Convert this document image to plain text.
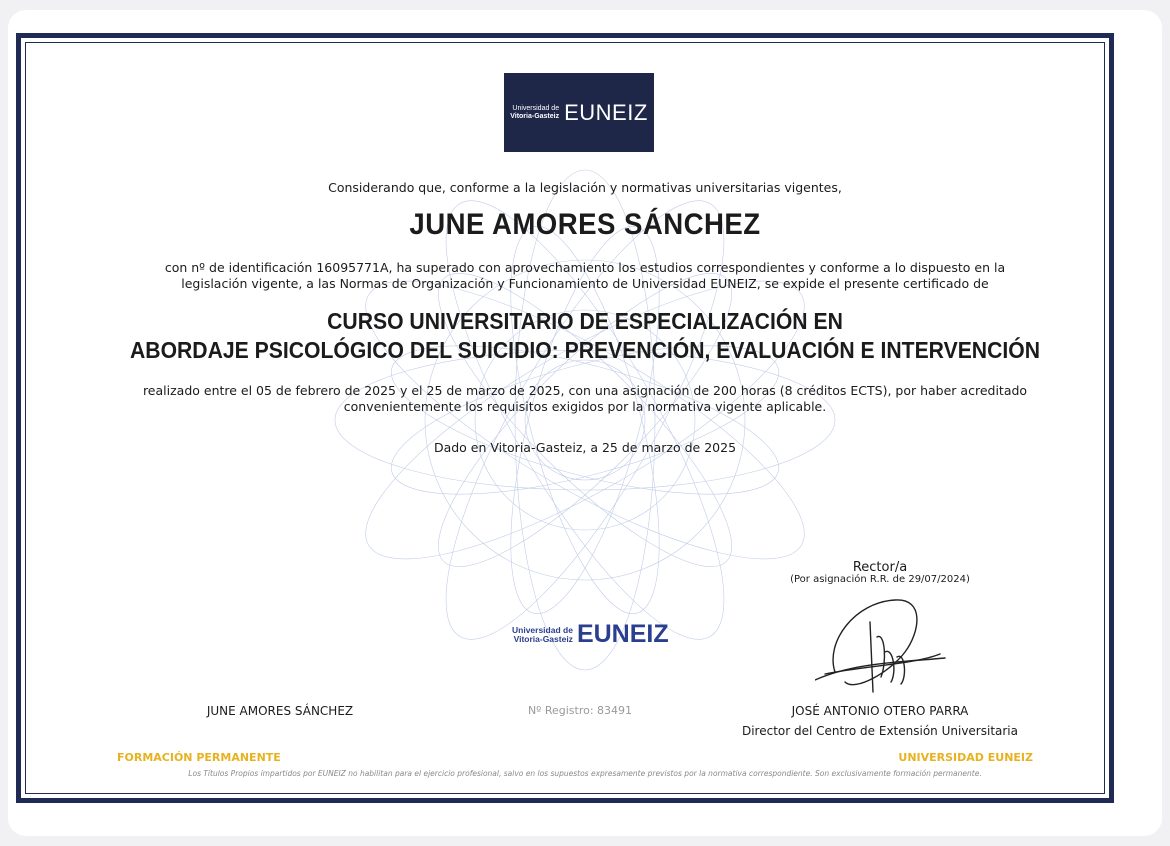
Universidad de
Vitoria-Gasteiz EUNEIZ
Considerando que, conforme a la legislación y normativas universitarias vigentes,
JUNE AMORES SÁNCHEZ
con nº de identificación 16095771A, ha superado con aprovechamiento los estudios correspondientes y conforme a lo dispuesto en la legislación vigente, a las Normas de Organización y Funcionamiento de Universidad EUNEIZ, se expide el presente certificado de
CURSO UNIVERSITARIO DE ESPECIALIZACIÓN EN
ABORDAJE PSICOLÓGICO DEL SUICIDIO: PREVENCIÓN, EVALUACIÓN E INTERVENCIÓN
realizado entre el 05 de febrero de 2025 y el 25 de marzo de 2025, con una asignación de 200 horas (8 créditos ECTS), por haber acreditado convenientemente los requisitos exigidos por la normativa vigente aplicable.
Dado en Vitoria-Gasteiz, a 25 de marzo de 2025
Rector/a
(Por asignación R.R. de 29/07/2024)
Universidad de
Vitoria-Gasteiz EUNEIZ
JUNE AMORES SÁNCHEZ	Nº Registro: 83491	JOSÉ ANTONIO OTERO PARRA
Director del Centro de Extensión Universitaria
FORMACIÓN PERMANENTE	UNIVERSIDAD EUNEIZ
Los Títulos Propios impartidos por EUNEIZ no habilitan para el ejercicio profesional, salvo en los supuestos expresamente previstos por la normativa correspondiente. Son exclusivamente formación permanente.
